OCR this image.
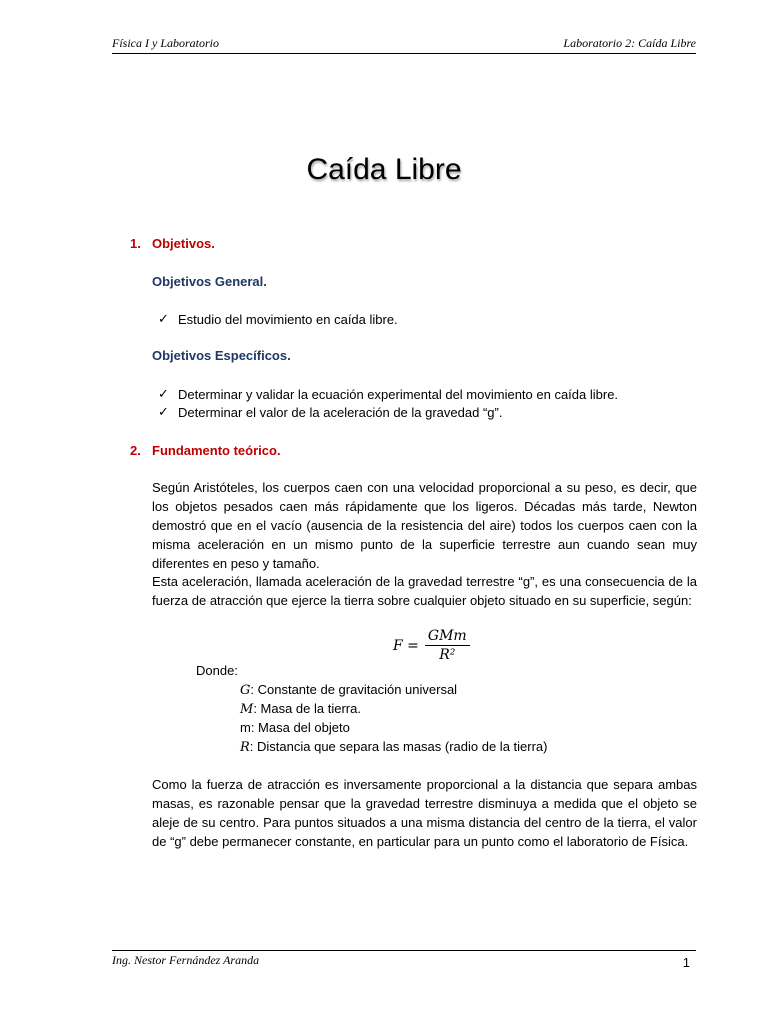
Física I y Laboratorio	Laboratorio 2: Caída Libre
Caída Libre
1. Objetivos.
Objetivos General.
✓ Estudio del movimiento en caída libre.
Objetivos Específicos.
✓ Determinar y validar la ecuación experimental del movimiento en caída libre.
✓ Determinar el valor de la aceleración de la gravedad “g”.
2. Fundamento teórico.
Según Aristóteles, los cuerpos caen con una velocidad proporcional a su peso, es decir, que los objetos pesados caen más rápidamente que los ligeros. Décadas más tarde, Newton demostró que en el vacío (ausencia de la resistencia del aire) todos los cuerpos caen con la misma aceleración en un mismo punto de la superficie terrestre aun cuando sean muy diferentes en peso y tamaño.
Esta aceleración, llamada aceleración de la gravedad terrestre “g”, es una consecuencia de la fuerza de atracción que ejerce la tierra sobre cualquier objeto situado en su superficie, según:
$F = \frac{\text{GMm}}{\text{R²}}$
Donde:
G: Constante de gravitación universal
M: Masa de la tierra.
m: Masa del objeto
R: Distancia que separa las masas (radio de la tierra)
Como la fuerza de atracción es inversamente proporcional a la distancia que separa ambas masas, es razonable pensar que la gravedad terrestre disminuya a medida que el objeto se aleje de su centro. Para puntos situados a una misma distancia del centro de la tierra, el valor de “g” debe permanecer constante, en particular para un punto como el laboratorio de Física.
Ing. Nestor Fernández Aranda	1
